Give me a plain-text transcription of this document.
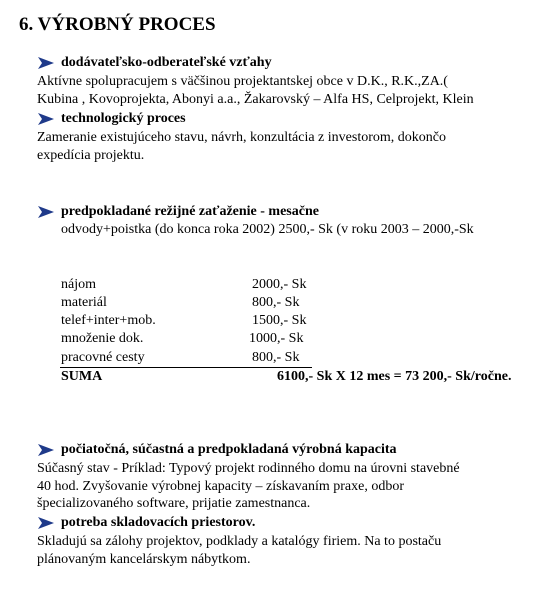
6. VÝROBNÝ PROCES
dodávateľsko-odberateľské vzťahy
Aktívne spolupracujem s väčšinou projektantskej obce v D.K., R.K.,ZA.(
Kubina , Kovoprojekta, Abonyi a.a., Žakarovský – Alfa HS, Celprojekt, Klein
technologický proces
Zameranie existujúceho stavu, návrh, konzultácia z investorom, dokončo
expedícia projektu.
predpokladané režijné zaťaženie - mesačne
odvody+poistka (do konca roka 2002) 2500,- Sk (v roku 2003 – 2000,-Sk
nájom	2000,- Sk
materiál	800,- Sk
telef+inter+mob.	1500,- Sk
množenie dok.	1000,- Sk
pracovné cesty	800,- Sk
SUMA	6100,- Sk X 12 mes = 73 200,- Sk/ročne.
počiatočná, súčastná a predpokladaná výrobná kapacita
Súčasný stav - Príklad: Typový projekt rodinného domu na úrovni stavebné
40 hod. Zvyšovanie výrobnej kapacity – získavaním praxe, odbor
špecializovaného software, prijatie zamestnanca.
potreba skladovacích priestorov.
Skladujú sa zálohy projektov, podklady a katalógy firiem. Na to postaču
plánovaným kancelárskym nábytkom.
